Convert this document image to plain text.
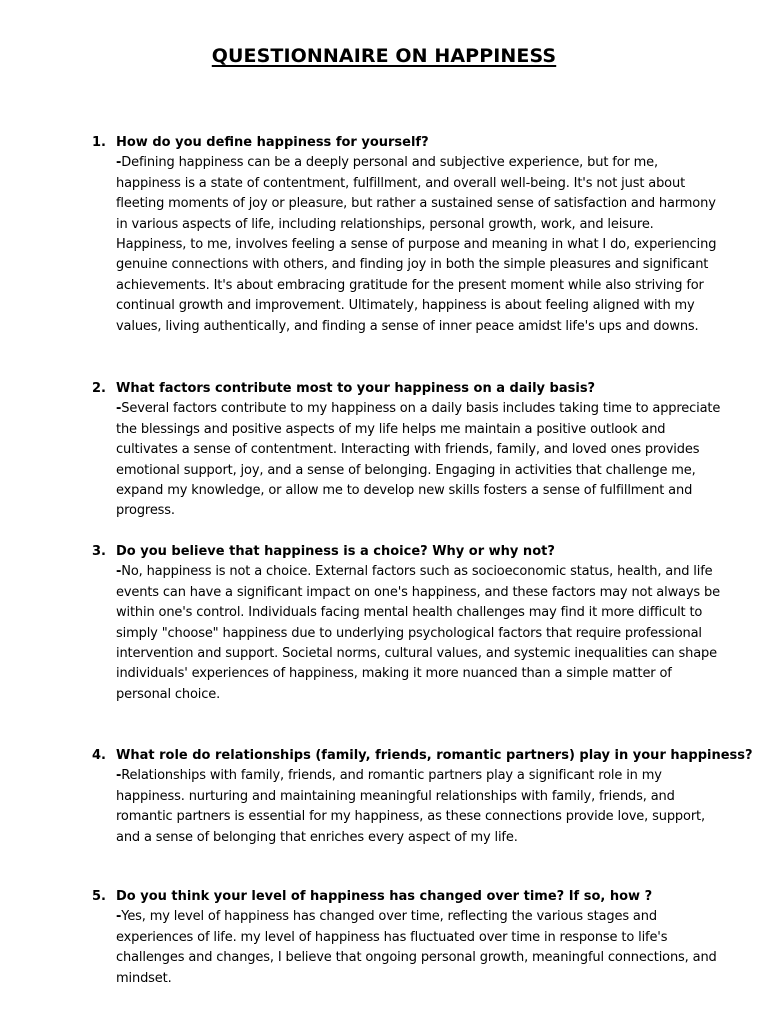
QUESTIONNAIRE ON HAPPINESS
1. How do you define happiness for yourself?
-Defining happiness can be a deeply personal and subjective experience, but for me, happiness is a state of contentment, fulfillment, and overall well-being. It's not just about fleeting moments of joy or pleasure, but rather a sustained sense of satisfaction and harmony in various aspects of life, including relationships, personal growth, work, and leisure. Happiness, to me, involves feeling a sense of purpose and meaning in what I do, experiencing genuine connections with others, and finding joy in both the simple pleasures and significant achievements. It's about embracing gratitude for the present moment while also striving for continual growth and improvement. Ultimately, happiness is about feeling aligned with my values, living authentically, and finding a sense of inner peace amidst life's ups and downs.
2. What factors contribute most to your happiness on a daily basis?
-Several factors contribute to my happiness on a daily basis includes taking time to appreciate the blessings and positive aspects of my life helps me maintain a positive outlook and cultivates a sense of contentment. Interacting with friends, family, and loved ones provides emotional support, joy, and a sense of belonging. Engaging in activities that challenge me, expand my knowledge, or allow me to develop new skills fosters a sense of fulfillment and progress.
3. Do you believe that happiness is a choice? Why or why not?
-No, happiness is not a choice. External factors such as socioeconomic status, health, and life events can have a significant impact on one's happiness, and these factors may not always be within one's control. Individuals facing mental health challenges may find it more difficult to simply "choose" happiness due to underlying psychological factors that require professional intervention and support. Societal norms, cultural values, and systemic inequalities can shape individuals' experiences of happiness, making it more nuanced than a simple matter of personal choice.
4. What role do relationships (family, friends, romantic partners) play in your happiness?
-Relationships with family, friends, and romantic partners play a significant role in my happiness. nurturing and maintaining meaningful relationships with family, friends, and romantic partners is essential for my happiness, as these connections provide love, support, and a sense of belonging that enriches every aspect of my life.
5. Do you think your level of happiness has changed over time? If so, how ?
-Yes, my level of happiness has changed over time, reflecting the various stages and experiences of life. my level of happiness has fluctuated over time in response to life's challenges and changes, I believe that ongoing personal growth, meaningful connections, and mindset.
